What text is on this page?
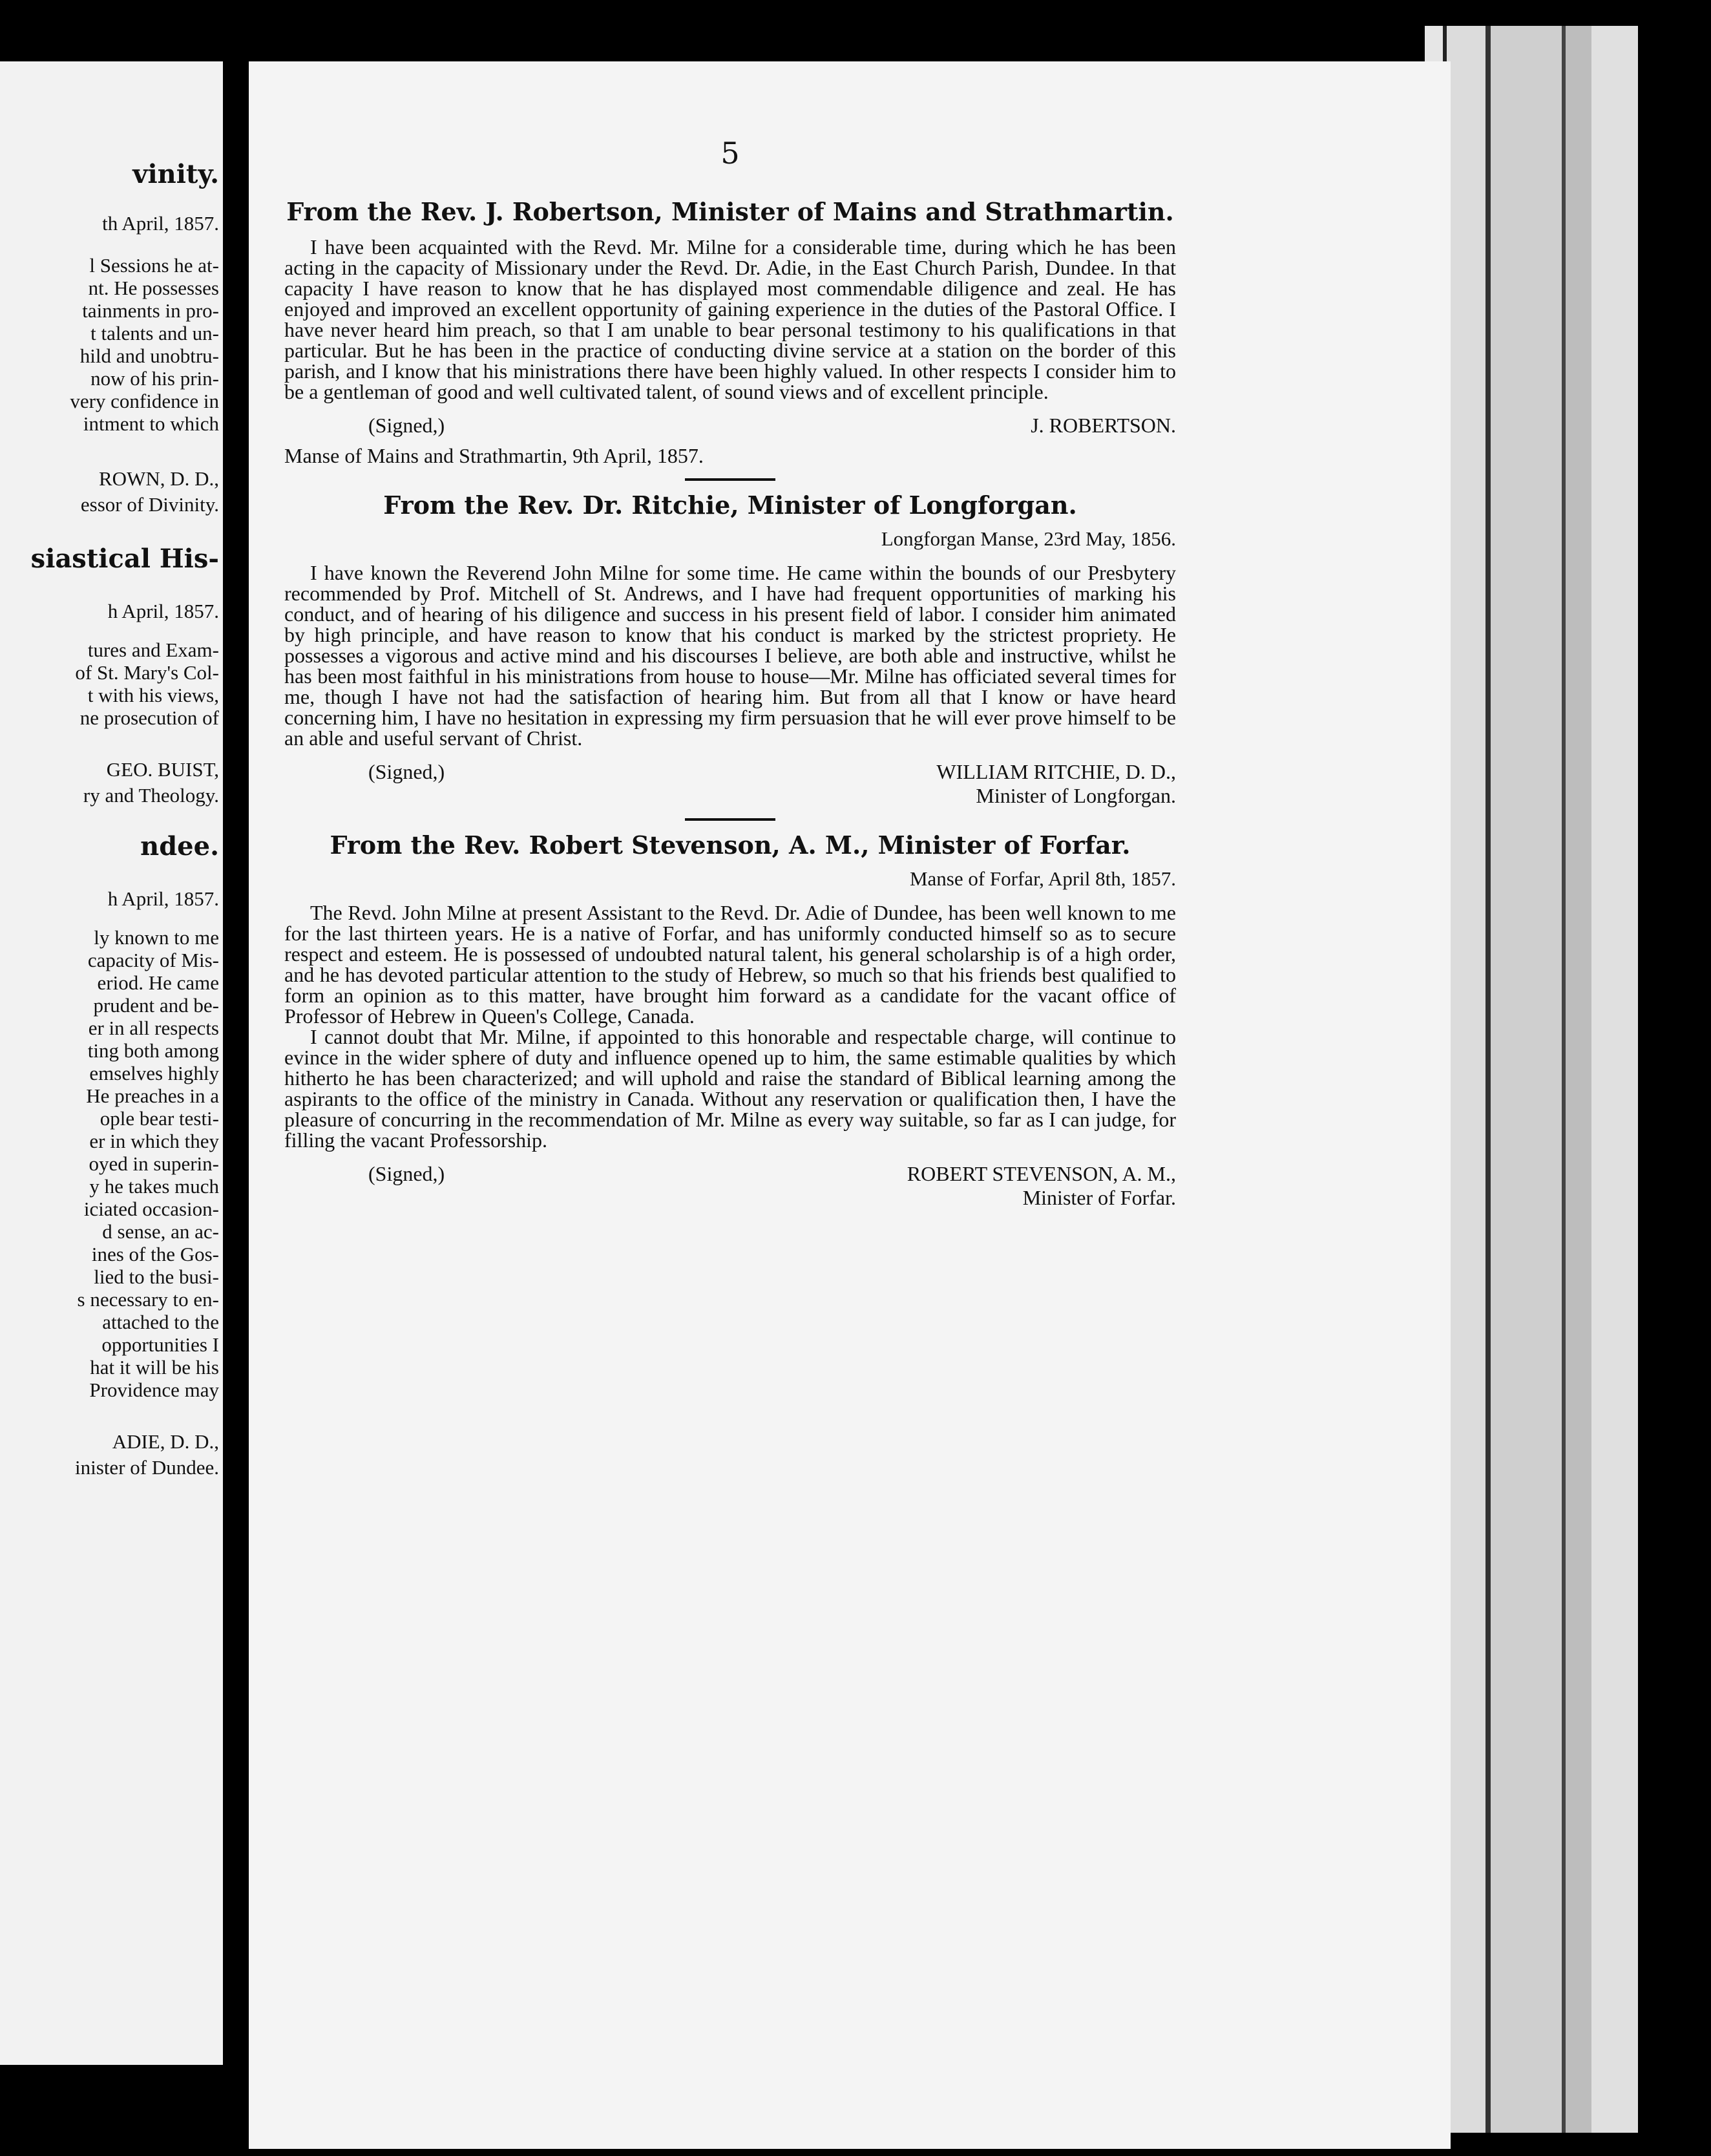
vinity.
th April, 1857.
l Sessions he at-
nt. He possesses
tainments in pro-
t talents and un-
hild and unobtru-
now of his prin-
very confidence in
intment to which
ROWN, D. D.,
essor of Divinity.
siastical His-
h April, 1857.
tures and Exam-
of St. Mary's Col-
t with his views,
ne prosecution of
GEO. BUIST,
ry and Theology.
ndee.
h April, 1857.
ly known to me
capacity of Mis-
eriod. He came
prudent and be-
er in all respects
ting both among
emselves highly
He preaches in a
ople bear testi-
er in which they
oyed in superin-
y he takes much
iciated occasion-
d sense, an ac-
ines of the Gos-
lied to the busi-
s necessary to en-
attached to the
opportunities I
hat it will be his
Providence may
ADIE, D. D.,
inister of Dundee.
5
From the Rev. J. Robertson, Minister of Mains and Strathmartin.

I have been acquainted with the Revd. Mr. Milne for a considerable time, during which he has been acting in the capacity of Missionary under the Revd. Dr. Adie, in the East Church Parish, Dundee. In that capacity I have reason to know that he has displayed most commendable diligence and zeal. He has enjoyed and improved an excellent opportunity of gaining experience in the duties of the Pastoral Office. I have never heard him preach, so that I am unable to bear personal testimony to his qualifications in that particular. But he has been in the practice of conducting divine service at a station on the border of this parish, and I know that his ministrations there have been highly valued. In other respects I consider him to be a gentleman of good and well cultivated talent, of sound views and of excellent principle.

(Signed,)	J. ROBERTSON.
Manse of Mains and Strathmartin, 9th April, 1857.
From the Rev. Dr. Ritchie, Minister of Longforgan.
Longforgan Manse, 23rd May, 1856.

I have known the Reverend John Milne for some time. He came within the bounds of our Presbytery recommended by Prof. Mitchell of St. Andrews, and I have had frequent opportunities of marking his conduct, and of hearing of his diligence and success in his present field of labor. I consider him animated by high principle, and have reason to know that his conduct is marked by the strictest propriety. He possesses a vigorous and active mind and his discourses I believe, are both able and instructive, whilst he has been most faithful in his ministrations from house to house—Mr. Milne has officiated several times for me, though I have not had the satisfaction of hearing him. But from all that I know or have heard concerning him, I have no hesitation in expressing my firm persuasion that he will ever prove himself to be an able and useful servant of Christ.

(Signed,)	WILLIAM RITCHIE, D. D.,
Minister of Longforgan.
From the Rev. Robert Stevenson, A. M., Minister of Forfar.
Manse of Forfar, April 8th, 1857.

The Revd. John Milne at present Assistant to the Revd. Dr. Adie of Dundee, has been well known to me for the last thirteen years. He is a native of Forfar, and has uniformly conducted himself so as to secure respect and esteem. He is possessed of undoubted natural talent, his general scholarship is of a high order, and he has devoted particular attention to the study of Hebrew, so much so that his friends best qualified to form an opinion as to this matter, have brought him forward as a candidate for the vacant office of Professor of Hebrew in Queen's College, Canada.

I cannot doubt that Mr. Milne, if appointed to this honorable and respectable charge, will continue to evince in the wider sphere of duty and influence opened up to him, the same estimable qualities by which hitherto he has been characterized; and will uphold and raise the standard of Biblical learning among the aspirants to the office of the ministry in Canada. Without any reservation or qualification then, I have the pleasure of concurring in the recommendation of Mr. Milne as every way suitable, so far as I can judge, for filling the vacant Professorship.

(Signed,)	ROBERT STEVENSON, A. M.,
Minister of Forfar.
